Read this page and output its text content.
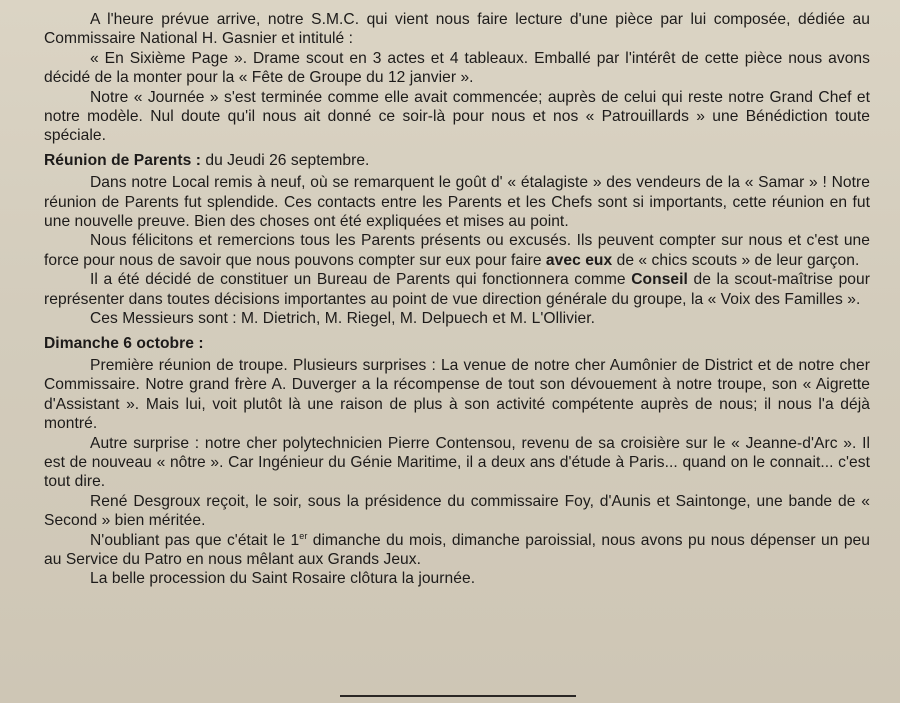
A l'heure prévue arrive, notre S.M.C. qui vient nous faire lecture d'une pièce par lui composée, dédiée au Commissaire National H. Gasnier et intitulé :

« En Sixième Page ». Drame scout en 3 actes et 4 tableaux. Emballé par l'intérêt de cette pièce nous avons décidé de la monter pour la « Fête de Groupe du 12 janvier ».

Notre « Journée » s'est terminée comme elle avait commencée; auprès de celui qui reste notre Grand Chef et notre modèle. Nul doute qu'il nous ait donné ce soir-là pour nous et nos « Patrouillards » une Bénédiction toute spéciale.

Réunion de Parents : du Jeudi 26 septembre.

Dans notre Local remis à neuf, où se remarquent le goût d' « étalagiste » des vendeurs de la « Samar » ! Notre réunion de Parents fut splendide. Ces contacts entre les Parents et les Chefs sont si importants, cette réunion en fut une nouvelle preuve. Bien des choses ont été expliquées et mises au point.

Nous félicitons et remercions tous les Parents présents ou excusés. Ils peuvent compter sur nous et c'est une force pour nous de savoir que nous pouvons compter sur eux pour faire avec eux de « chics scouts » de leur garçon.

Il a été décidé de constituer un Bureau de Parents qui fonctionnera comme Conseil de la scout-maîtrise pour représenter dans toutes décisions importantes au point de vue direction générale du groupe, la « Voix des Familles ».

Ces Messieurs sont : M. Dietrich, M. Riegel, M. Delpuech et M. L'Ollivier.

Dimanche 6 octobre :

Première réunion de troupe. Plusieurs surprises : La venue de notre cher Aumônier de District et de notre cher Commissaire. Notre grand frère A. Duverger a la récompense de tout son dévouement à notre troupe, son « Aigrette d'Assistant ». Mais lui, voit plutôt là une raison de plus à son activité compétente auprès de nous; il nous l'a déjà montré.

Autre surprise : notre cher polytechnicien Pierre Contensou, revenu de sa croisière sur le « Jeanne-d'Arc ». Il est de nouveau « nôtre ». Car Ingénieur du Génie Maritime, il a deux ans d'étude à Paris... quand on le connait... c'est tout dire.

René Desgroux reçoit, le soir, sous la présidence du commissaire Foy, d'Aunis et Saintonge, une bande de « Second » bien méritée.

N'oubliant pas que c'était le 1er dimanche du mois, dimanche paroissial, nous avons pu nous dépenser un peu au Service du Patro en nous mêlant aux Grands Jeux.

La belle procession du Saint Rosaire clôtura la journée.
